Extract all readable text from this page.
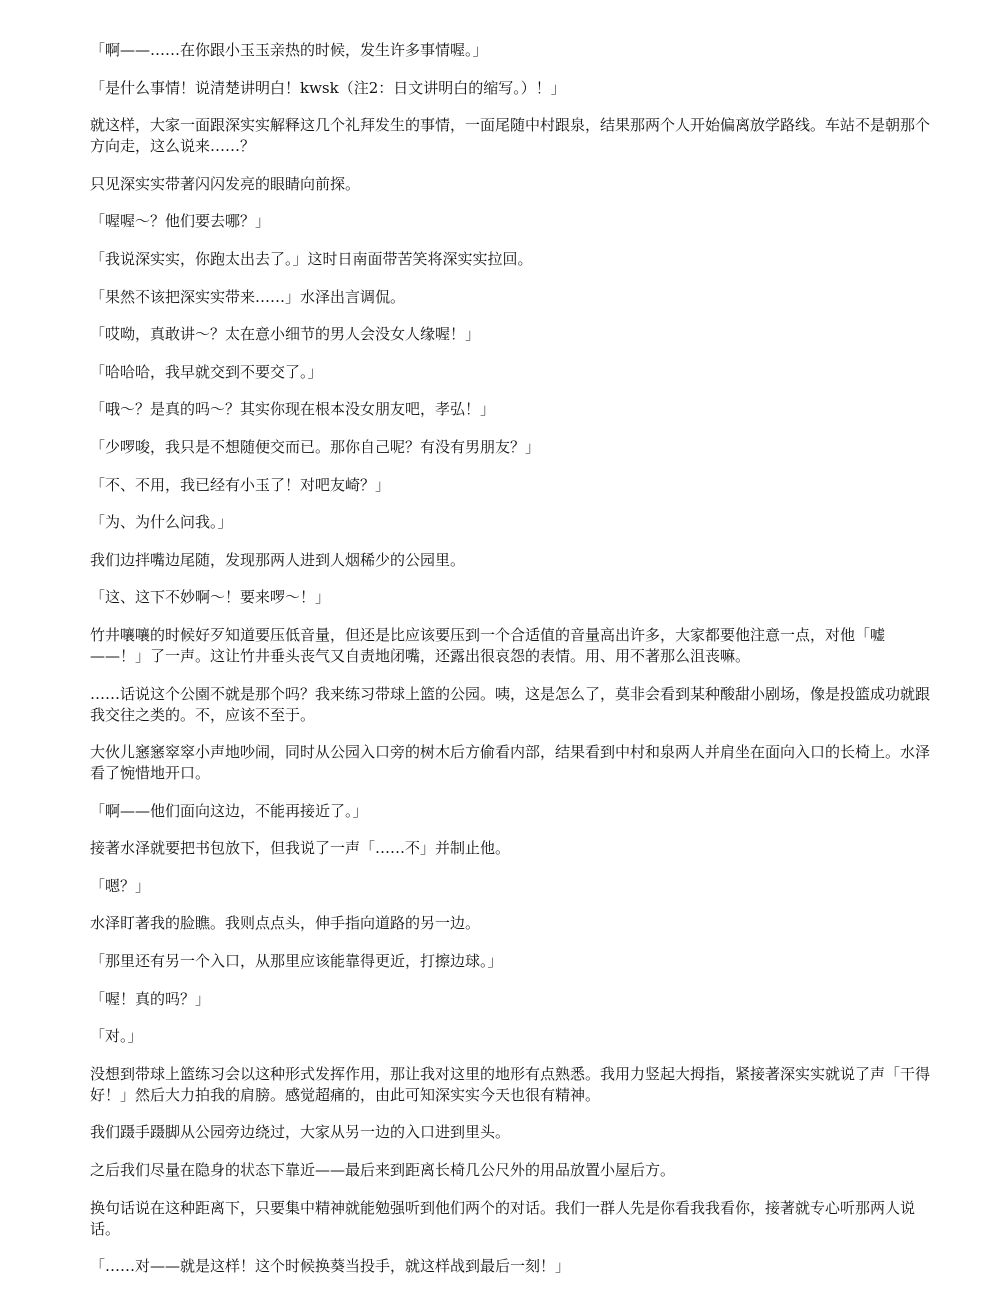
「啊——……在你跟小玉玉亲热的时候，发生许多事情喔。」

「是什么事情！说清楚讲明白！kwsk（注2：日文讲明白的缩写。）！」

就这样，大家一面跟深实实解释这几个礼拜发生的事情，一面尾随中村跟泉，结果那两个人开始偏离放学路线。车站不是朝那个方向走，这么说来……？

只见深实实带著闪闪发亮的眼睛向前探。

「喔喔～？他们要去哪？」

「我说深实实，你跑太出去了。」这时日南面带苦笑将深实实拉回。

「果然不该把深实实带来……」水泽出言调侃。

「哎呦，真敢讲～？太在意小细节的男人会没女人缘喔！」

「哈哈哈，我早就交到不要交了。」

「哦～？是真的吗～？其实你现在根本没女朋友吧，孝弘！」

「少啰唆，我只是不想随便交而已。那你自己呢？有没有男朋友？」

「不、不用，我已经有小玉了！对吧友崎？」

「为、为什么问我。」

我们边拌嘴边尾随，发现那两人进到人烟稀少的公园里。

「这、这下不妙啊～！要来啰～！」

竹井嚷嚷的时候好歹知道要压低音量，但还是比应该要压到一个合适值的音量高出许多，大家都要他注意一点，对他「嘘——！」了一声。这让竹井垂头丧气又自责地闭嘴，还露出很哀怨的表情。用、用不著那么沮丧嘛。

……话说这个公園不就是那个吗？我来练习带球上篮的公园。咦，这是怎么了，莫非会看到某种酸甜小剧场，像是投篮成功就跟我交往之类的。不，应该不至于。

大伙儿窸窸窣窣小声地吵闹，同时从公园入口旁的树木后方偷看内部，结果看到中村和泉两人并肩坐在面向入口的长椅上。水泽看了惋惜地开口。

「啊——他们面向这边，不能再接近了。」

接著水泽就要把书包放下，但我说了一声「……不」并制止他。

「嗯？」

水泽盯著我的脸瞧。我则点点头，伸手指向道路的另一边。

「那里还有另一个入口，从那里应该能靠得更近，打擦边球。」

「喔！真的吗？」

「对。」

没想到带球上篮练习会以这种形式发挥作用，那让我对这里的地形有点熟悉。我用力竖起大拇指，紧接著深实实就说了声「干得好！」然后大力拍我的肩膀。感觉超痛的，由此可知深实实今天也很有精神。

我们蹑手蹑脚从公园旁边绕过，大家从另一边的入口进到里头。

之后我们尽量在隐身的状态下靠近——最后来到距离长椅几公尺外的用品放置小屋后方。

换句话说在这种距离下，只要集中精神就能勉强听到他们两个的对话。我们一群人先是你看我我看你，接著就专心听那两人说话。

「……对——就是这样！这个时候换葵当投手，就这样战到最后一刻！」
